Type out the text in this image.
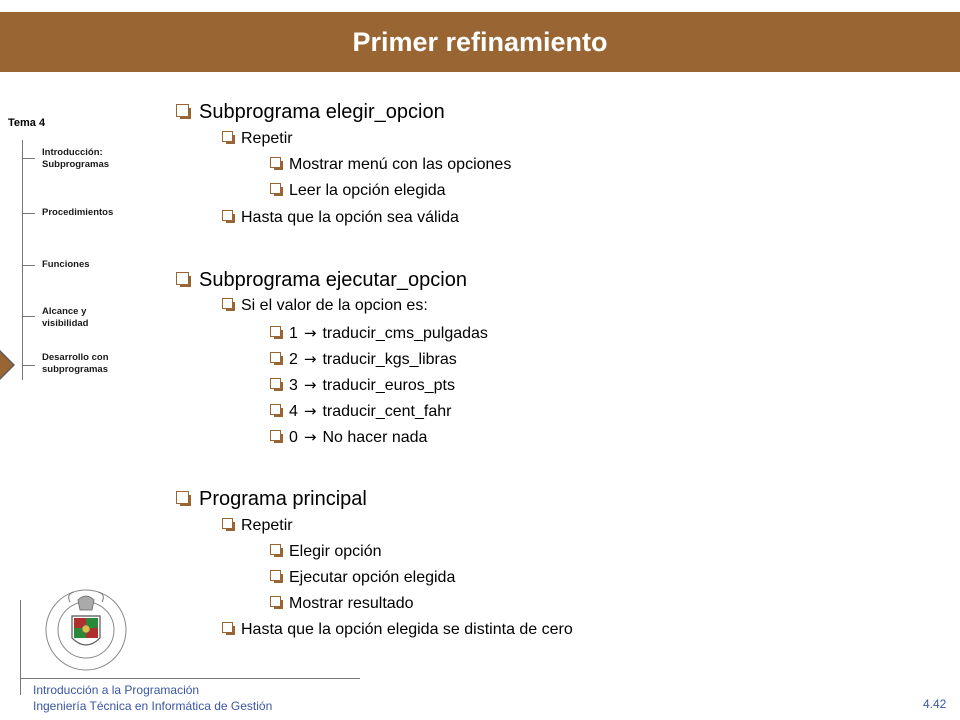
Primer refinamiento
Tema 4
Introducción:
Subprogramas
Procedimientos
Funciones
Alcance y
visibilidad
Desarrollo con
subprogramas
Subprograma elegir_opcion
Repetir
Mostrar menú con las opciones
Leer la opción elegida
Hasta que la opción sea válida
Subprograma ejecutar_opcion
Si el valor de la opcion es:
1 → traducir_cms_pulgadas
2 → traducir_kgs_libras
3 → traducir_euros_pts
4 → traducir_cent_fahr
0 → No hacer nada
Programa principal
Repetir
Elegir opción
Ejecutar opción elegida
Mostrar resultado
Hasta que la opción elegida se distinta de cero
Introducción a la Programación
Ingeniería Técnica en Informática de Gestión	4.42
